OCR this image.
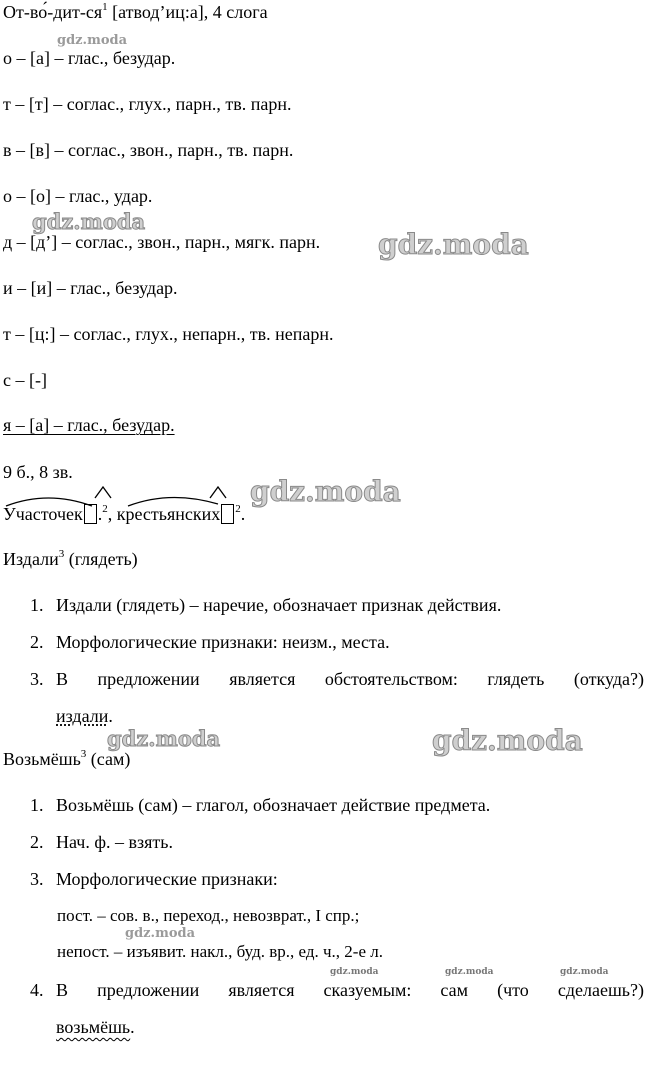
$От-во́-дит-ся^1$ [атвод’иц:а], 4 слога
о – [а] – глас., безудар.
т – [т] – соглас., глух., парн., тв. парн.
в – [в] – соглас., звон., парн., тв. парн.
о – [о] – глас., удар.
д – [д’] – соглас., звон., парн., мягк. парн.
и – [и] – глас., безудар.
т – [ц:] – соглас., глух., непарн., тв. непарн.
с – [-]
я – [а] – глас., безудар.
9 б., 8 зв.
Участочек .$^2$, крестьянских $^2$.
Издали$^3$ (глядеть)
1. Издали (глядеть) – наречие, обозначает признак действия.
2. Морфологические признаки: неизм., места.
3. В предложении является обстоятельством: глядеть (откуда?)
издали.
Возьмёшь$^3$ (сам)
1. Возьмёшь (сам) – глагол, обозначает действие предмета.
2. Нач. ф. – взять.
3. Морфологические признаки:
пост. – сов. в., переход., невозврат., I спр.;
непост. – изъявит. накл., буд. вр., ед. ч., 2-е л.
4. В предложении является сказуемым: сам (что сделаешь?)
возьмёшь.
gdz.moda
gdz.moda
gdz.moda
gdz.moda
gdz.moda	gdz.moda
gdz.moda
gdz.moda	gdz.moda	gdz.moda
